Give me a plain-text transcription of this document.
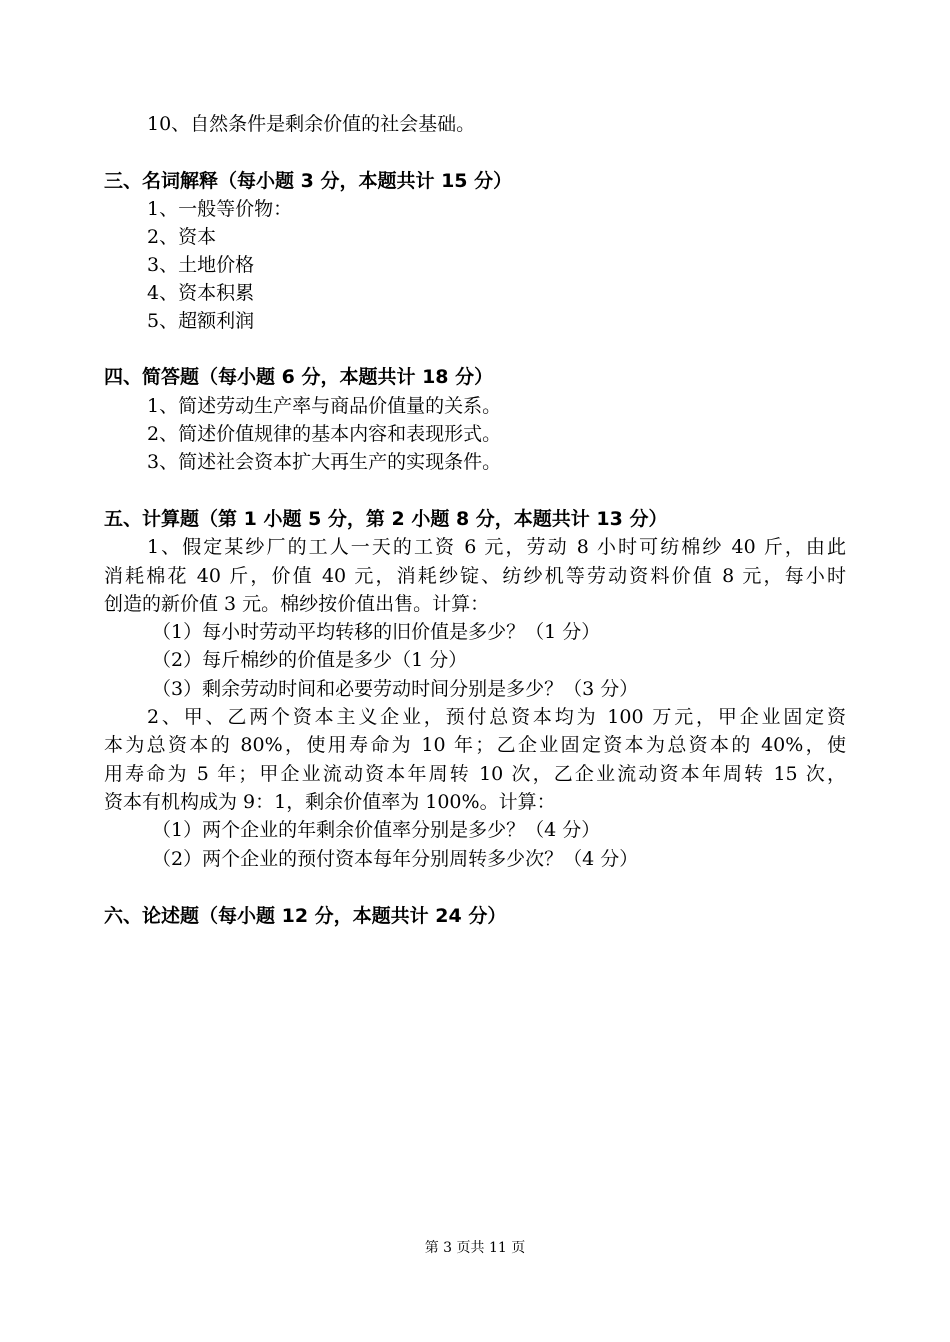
10、自然条件是剩余价值的社会基础。
三、名词解释（每小题 3 分，本题共计 15 分）
1、一般等价物：
2、资本
3、土地价格
4、资本积累
5、超额利润
四、简答题（每小题 6 分，本题共计 18 分）
1、简述劳动生产率与商品价值量的关系。
2、简述价值规律的基本内容和表现形式。
3、简述社会资本扩大再生产的实现条件。
五、计算题（第 1 小题 5 分，第 2 小题 8 分，本题共计 13 分）
1、假定某纱厂的工人一天的工资 6 元，劳动 8 小时可纺棉纱 40 斤，由此
消耗棉花 40 斤，价值 40 元，消耗纱锭、纺纱机等劳动资料价值 8 元，每小时
创造的新价值 3 元。棉纱按价值出售。计算：
（1）每小时劳动平均转移的旧价值是多少？（1 分）
（2）每斤棉纱的价值是多少（1 分）
（3）剩余劳动时间和必要劳动时间分别是多少？（3 分）
2、甲、乙两个资本主义企业，预付总资本均为 100 万元，甲企业固定资
本为总资本的 80%，使用寿命为 10 年；乙企业固定资本为总资本的 40%，使
用寿命为 5 年；甲企业流动资本年周转 10 次，乙企业流动资本年周转 15 次，
资本有机构成为 9：1，剩余价值率为 100%。计算：
（1）两个企业的年剩余价值率分别是多少？（4 分）
（2）两个企业的预付资本每年分别周转多少次？（4 分）
六、论述题（每小题 12 分，本题共计 24 分）
第 3 页共 11 页
